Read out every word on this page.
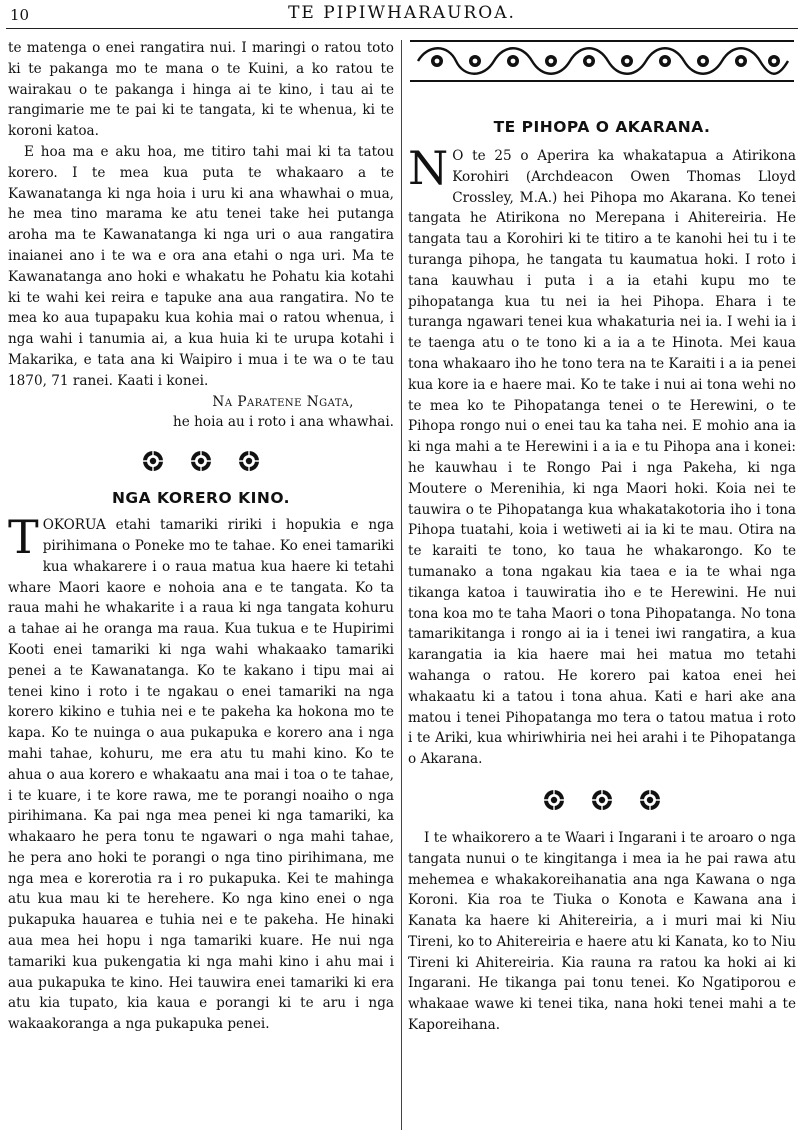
10	TE PIPIWHARAUROA.

te matenga o enei rangatira nui. I maringi o ratou toto ki te pakanga mo te mana o te Kuini, a ko ratou te wairakau o te pakanga i hinga ai te kino, i tau ai te rangimarie me te pai ki te tangata, ki te whenua, ki te koroni katoa.

E hoa ma e aku hoa, me titiro tahi mai ki ta tatou korero. I te mea kua puta te whakaaro a te Kawanatanga ki nga hoia i uru ki ana whawhai o mua, he mea tino marama ke atu tenei take hei putanga aroha ma te Kawanatanga ki nga uri o aua rangatira inaianei ano i te wa e ora ana etahi o nga uri. Ma te Kawanatanga ano hoki e whakatu he Pohatu kia kotahi ki te wahi kei reira e tapuke ana aua rangatira. No te mea ko aua tupapaku kua kohia mai o ratou whenua, i nga wahi i tanumia ai, a kua huia ki te urupa kotahi i Makarika, e tata ana ki Waipiro i mua i te wa o te tau 1870, 71 ranei. Kaati i konei.

Na Paratene Ngata,

he hoia au i roto i ana whawhai.

NGA KORERO KINO.

TOKORUA etahi tamariki ririki i hopukia e nga pirihimana o Poneke mo te tahae. Ko enei tamariki kua whakarere i o raua matua kua haere ki tetahi whare Maori kaore e nohoia ana e te tangata. Ko ta raua mahi he whakarite i a raua ki nga tangata kohuru a tahae ai he oranga ma raua. Kua tukua e te Hupirimi Kooti enei tamariki ki nga wahi whakaako tamariki penei a te Kawanatanga. Ko te kakano i tipu mai ai tenei kino i roto i te ngakau o enei tamariki na nga korero kikino e tuhia nei e te pakeha ka hokona mo te kapa. Ko te nuinga o aua pukapuka e korero ana i nga mahi tahae, kohuru, me era atu tu mahi kino. Ko te ahua o aua korero e whakaatu ana mai i toa o te tahae, i te kuare, i te kore rawa, me te porangi noaiho o nga pirihimana. Ka pai nga mea penei ki nga tamariki, ka whakaaro he pera tonu te ngawari o nga mahi tahae, he pera ano hoki te porangi o nga tino pirihimana, me nga mea e korerotia ra i ro pukapuka. Kei te mahinga atu kua mau ki te herehere. Ko nga kino enei o nga pukapuka hauarea e tuhia nei e te pakeha. He hinaki aua mea hei hopu i nga tamariki kuare. He nui nga tamariki kua pukengatia ki nga mahi kino i ahu mai i aua pukapuka te kino. Hei tauwira enei tamariki ki era atu kia tupato, kia kaua e porangi ki te aru i nga wakaakoranga a nga pukapuka penei.

TE PIHOPA O AKARANA.

N O te 25 o Aperira ka whakatapua a Atirikona Korohiri (Archdeacon Owen Thomas Lloyd Crossley, M.A.) hei Pihopa mo Akarana. Ko tenei tangata he Atirikona no Merepana i Ahitereiria. He tangata tau a Korohiri ki te titiro a te kanohi hei tu i te turanga pihopa, he tangata tu kaumatua hoki. I roto i tana kauwhau i puta i a ia etahi kupu mo te pihopatanga kua tu nei ia hei Pihopa. Ehara i te turanga ngawari tenei kua whakaturia nei ia. I wehi ia i te taenga atu o te tono ki a ia a te Hinota. Mei kaua tona whakaaro iho he tono tera na te Karaiti i a ia penei kua kore ia e haere mai. Ko te take i nui ai tona wehi no te mea ko te Pihopatanga tenei o te Herewini, o te Pihopa rongo nui o enei tau ka taha nei. E mohio ana ia ki nga mahi a te Herewini i a ia e tu Pihopa ana i konei: he kauwhau i te Rongo Pai i nga Pakeha, ki nga Moutere o Merenihia, ki nga Maori hoki. Koia nei te tauwira o te Pihopatanga kua whakatakotoria iho i tona Pihopa tuatahi, koia i wetiweti ai ia ki te mau. Otira na te karaiti te tono, ko taua he whakarongo. Ko te tumanako a tona ngakau kia taea e ia te whai nga tikanga katoa i tauwiratia iho e te Herewini. He nui tona koa mo te taha Maori o tona Pihopatanga. No tona tamarikitanga i rongo ai ia i tenei iwi rangatira, a kua karangatia ia kia haere mai hei matua mo tetahi wahanga o ratou. He korero pai katoa enei hei whakaatu ki a tatou i tona ahua. Kati e hari ake ana matou i tenei Pihopatanga mo tera o tatou matua i roto i te Ariki, kua whiriwhiria nei hei arahi i te Pihopatanga o Akarana.

I te whaikorero a te Waari i Ingarani i te aroaro o nga tangata nunui o te kingitanga i mea ia he pai rawa atu mehemea e whakakoreihanatia ana nga Kawana o nga Koroni. Kia roa te Tiuka o Konota e Kawana ana i Kanata ka haere ki Ahitereiria, a i muri mai ki Niu Tireni, ko to Ahitereiria e haere atu ki Kanata, ko to Niu Tireni ki Ahitereiria. Kia rauna ra ratou ka hoki ai ki Ingarani. He tikanga pai tonu tenei. Ko Ngatiporou e whakaae wawe ki tenei tika, nana hoki tenei mahi a te Kaporeihana.
